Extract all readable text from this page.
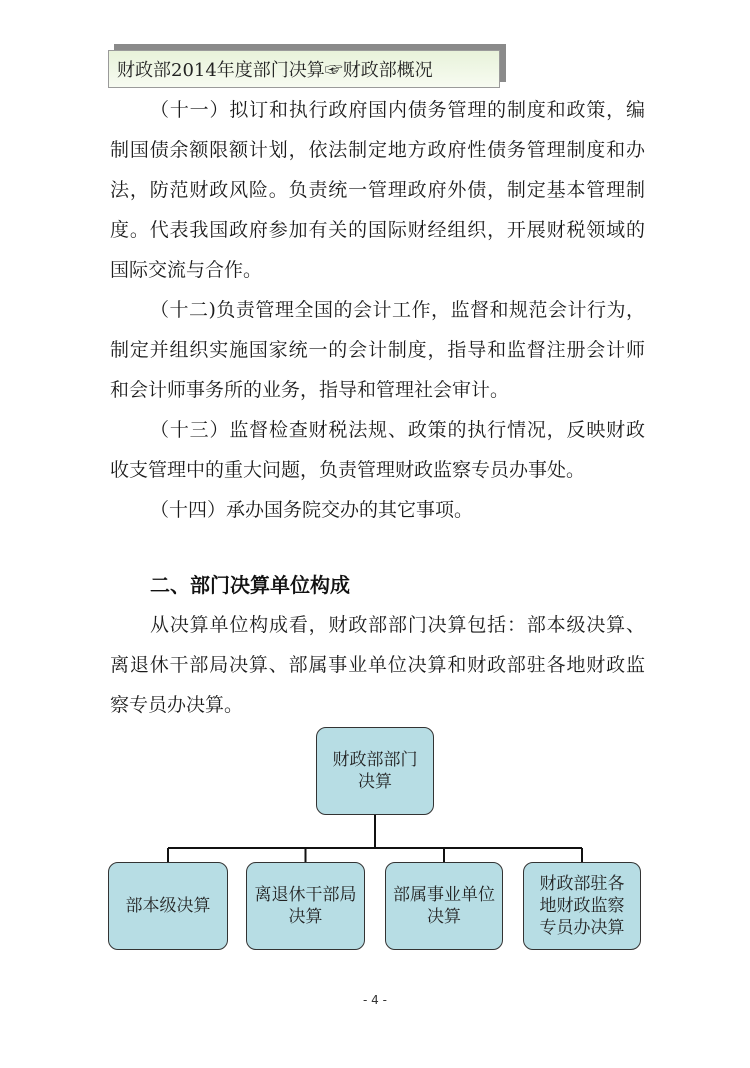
财政部2014年度部门决算☞财政部概况
（十一）拟订和执行政府国内债务管理的制度和政策，编
制国债余额限额计划，依法制定地方政府性债务管理制度和办
法，防范财政风险。负责统一管理政府外债，制定基本管理制
度。代表我国政府参加有关的国际财经组织，开展财税领域的
国际交流与合作。
（十二)负责管理全国的会计工作，监督和规范会计行为，
制定并组织实施国家统一的会计制度，指导和监督注册会计师
和会计师事务所的业务，指导和管理社会审计。
（十三）监督检查财税法规、政策的执行情况，反映财政
收支管理中的重大问题，负责管理财政监察专员办事处。
（十四）承办国务院交办的其它事项。
二、部门决算单位构成
从决算单位构成看，财政部部门决算包括：部本级决算、
离退休干部局决算、部属事业单位决算和财政部驻各地财政监
察专员办决算。
财政部部门
决算
部本级决算
离退休干部局
决算
部属事业单位
决算
财政部驻各
地财政监察
专员办决算
- 4 -
